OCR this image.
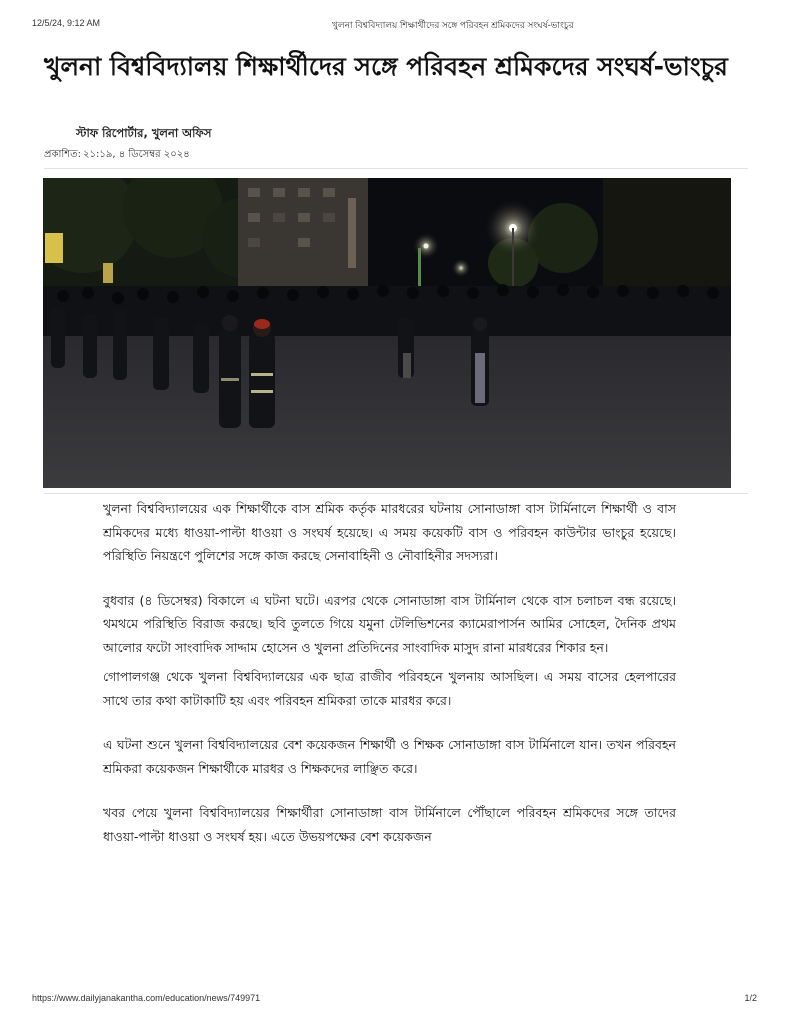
12/5/24, 9:12 AM	খুলনা বিশ্ববিদ্যালয় শিক্ষার্থীদের সঙ্গে পরিবহন শ্রমিকদের সংঘর্ষ-ভাংচুর
খুলনা বিশ্ববিদ্যালয় শিক্ষার্থীদের সঙ্গে পরিবহন শ্রমিকদের সংঘর্ষ-ভাংচুর
স্টাফ রিপোর্টার, খুলনা অফিস
প্রকাশিত: ২১:১৯, ৪ ডিসেম্বর ২০২৪

খুলনা বিশ্ববিদ্যালয়ের এক শিক্ষার্থীকে বাস শ্রমিক কর্তৃক মারধরের ঘটনায় সোনাডাঙ্গা বাস টার্মিনালে শিক্ষার্থী ও বাস শ্রমিকদের মধ্যে ধাওয়া-পাল্টা ধাওয়া ও সংঘর্ষ হয়েছে। এ সময় কয়েকটি বাস ও পরিবহন কাউন্টার ভাংচুর হয়েছে। পরিস্থিতি নিয়ন্ত্রণে পুলিশের সঙ্গে কাজ করছে সেনাবাহিনী ও নৌবাহিনীর সদস্যরা।

বুধবার (৪ ডিসেম্বর) বিকালে এ ঘটনা ঘটে। এরপর থেকে সোনাডাঙ্গা বাস টার্মিনাল থেকে বাস চলাচল বন্ধ রয়েছে। থমথমে পরিস্থিতি বিরাজ করছে। ছবি তুলতে গিয়ে যমুনা টেলিভিশনের ক্যামেরাপার্সন আমির সোহেল, দৈনিক প্রথম আলোর ফটো সাংবাদিক সাদ্দাম হোসেন ও খুলনা প্রতিদিনের সাংবাদিক মাসুদ রানা মারধরের শিকার হন।

গোপালগঞ্জ থেকে খুলনা বিশ্ববিদ্যালয়ের এক ছাত্র রাজীব পরিবহনে খুলনায় আসছিল। এ সময় বাসের হেলপারের সাথে তার কথা কাটাকাটি হয় এবং পরিবহন শ্রমিকরা তাকে মারধর করে।

এ ঘটনা শুনে খুলনা বিশ্ববিদ্যালয়ের বেশ কয়েকজন শিক্ষার্থী ও শিক্ষক সোনাডাঙ্গা বাস টার্মিনালে যান। তখন পরিবহন শ্রমিকরা কয়েকজন শিক্ষার্থীকে মারধর ও শিক্ষকদের লাঞ্ছিত করে।

খবর পেয়ে খুলনা বিশ্ববিদ্যালয়ের শিক্ষার্থীরা সোনাডাঙ্গা বাস টার্মিনালে পৌঁছালে পরিবহন শ্রমিকদের সঙ্গে তাদের ধাওয়া-পাল্টা ধাওয়া ও সংঘর্ষ হয়। এতে উভয়পক্ষের বেশ কয়েকজন

https://www.dailyjanakantha.com/education/news/749971	1/2
